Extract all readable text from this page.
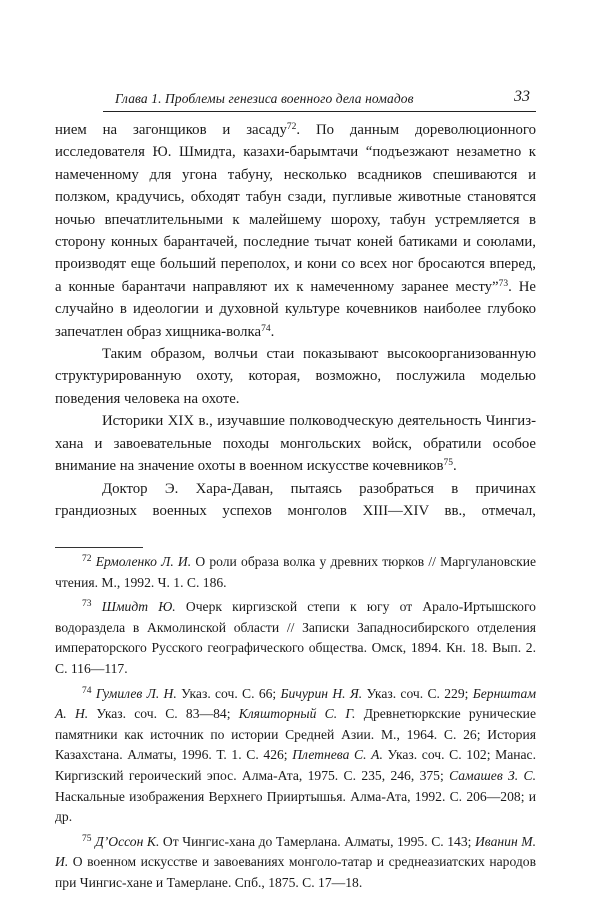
Глава 1. Проблемы генезиса военного дела номадов	33

нием на загонщиков и засаду$^{72}$. По данным дореволюционного исследователя Ю. Шмидта, казахи-барымтачи “подъезжают незаметно к намеченному для угона табуну, несколько всадников спешиваются и ползком, крадучись, обходят табун сзади, пугливые животные становятся ночью впечатлительными к малейшему шороху, табун устремляется в сторону конных барантачей, последние тычат коней батиками и союлами, производят еще больший переполох, и кони со всех ног бросаются вперед, а конные барантачи направляют их к намеченному заранее месту”$^{73}$. Не случайно в идеологии и духовной культуре кочевников наиболее глубоко запечатлен образ хищника-волка$^{74}$.

Таким образом, волчьи стаи показывают высокоорганизованную структурированную охоту, которая, возможно, послужила моделью поведения человека на охоте.

Историки XIX в., изучавшие полководческую деятельность Чингиз-хана и завоевательные походы монгольских войск, обратили особое внимание на значение охоты в военном искусстве кочевников$^{75}$.

Доктор Э. Хара-Даван, пытаясь разобраться в причинах грандиозных военных успехов монголов XIII—XIV вв., отмечал,

$^{72}$ Ермоленко Л. И. О роли образа волка у древних тюрков // Маргулановские чтения. М., 1992. Ч. 1. С. 186.

$^{73}$ Шмидт Ю. Очерк киргизской степи к югу от Арало-Иртышского водораздела в Акмолинской области // Записки Западносибирского отделения императорского Русского географического общества. Омск, 1894. Кн. 18. Вып. 2. С. 116—117.

$^{74}$ Гумилев Л. Н. Указ. соч. С. 66; Бичурин Н. Я. Указ. соч. С. 229; Бернштам А. Н. Указ. соч. С. 83—84; Кляшторный С. Г. Древнетюркские рунические памятники как источник по истории Средней Азии. М., 1964. С. 26; История Казахстана. Алматы, 1996. Т. 1. С. 426; Плетнева С. А. Указ. соч. С. 102; Манас. Киргизский героический эпос. Алма-Ата, 1975. С. 235, 246, 375; Самашев З. С. Наскальные изображения Верхнего Прииртышья. Алма-Ата, 1992. С. 206—208; и др.

$^{75}$ Д’Оссон К. От Чингис-хана до Тамерлана. Алматы, 1995. С. 143; Иванин М. И. О военном искусстве и завоеваниях монголо-татар и среднеазиатских народов при Чингис-хане и Тамерлане. Спб., 1875. С. 17—18.
